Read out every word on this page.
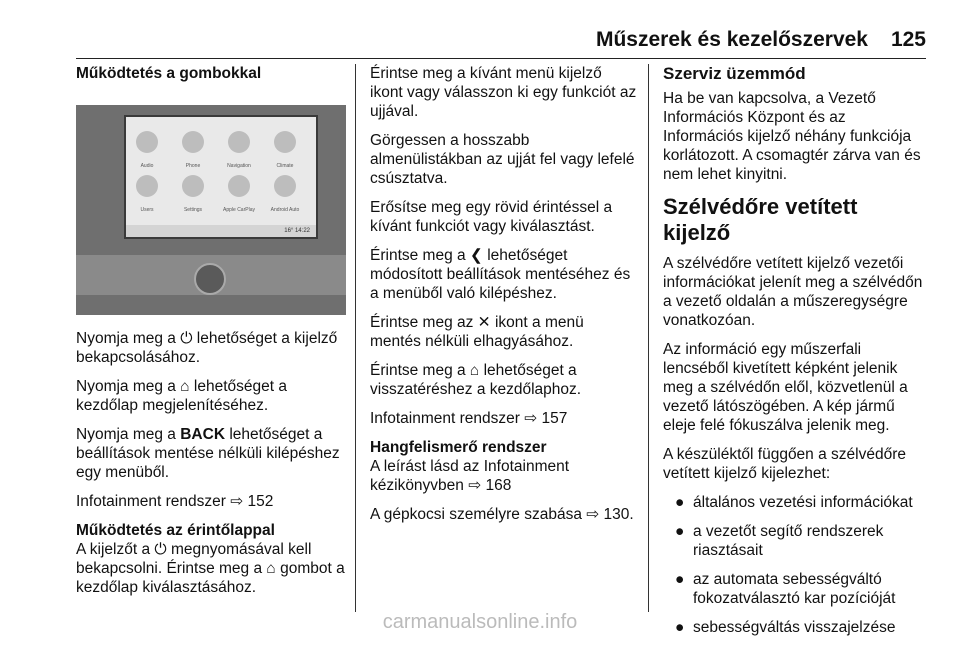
Műszerek és kezelőszervek 125
Működtetés a gombokkal
Audio	Phone	Navigation	Climate
Users	Settings	Apple CarPlay	Android Auto
16° 14:22

Nyomja meg a ⏻ lehetőséget a kijelző bekapcsolásához.

Nyomja meg a ⌂ lehetőséget a kezdőlap megjelenítéséhez.

Nyomja meg a BACK lehetőséget a beállítások mentése nélküli kilépéshez egy menüből.

Infotainment rendszer ⇨ 152

Működtetés az érintőlappal

A kijelzőt a ⏻ megnyomásával kell bekapcsolni. Érintse meg a ⌂ gombot a kezdőlap kiválasztásához.

Érintse meg a kívánt menü kijelző ikont vagy válasszon ki egy funkciót az ujjával.

Görgessen a hosszabb almenülistákban az ujját fel vagy lefelé csúsztatva.

Erősítse meg egy rövid érintéssel a kívánt funkciót vagy kiválasztást.

Érintse meg a ❮ lehetőséget módosított beállítások mentéséhez és a menüből való kilépéshez.

Érintse meg az ✕ ikont a menü mentés nélküli elhagyásához.

Érintse meg a ⌂ lehetőséget a visszatéréshez a kezdőlaphoz.

Infotainment rendszer ⇨ 157

Hangfelismerő rendszer

A leírást lásd az Infotainment kézikönyvben ⇨ 168

A gépkocsi személyre szabása ⇨ 130.

Szerviz üzemmód

Ha be van kapcsolva, a Vezető Információs Központ és az Információs kijelző néhány funkciója korlátozott. A csomagtér zárva van és nem lehet kinyitni.

Szélvédőre vetített kijelző

A szélvédőre vetített kijelző vezetői információkat jelenít meg a szélvédőn a vezető oldalán a műszeregységre vonatkozóan.

Az információ egy műszerfali lencséből kivetített képként jelenik meg a szélvédőn elől, közvetlenül a vezető látószögében. A kép jármű eleje felé fókuszálva jelenik meg.

A készüléktől függően a szélvédőre vetített kijelző kijelezhet:

● általános vezetési információkat
● a vezetőt segítő rendszerek riasztásait
● az automata sebességváltó fokozatválasztó kar pozícióját
● sebességváltás visszajelzése
carmanualsonline.info
